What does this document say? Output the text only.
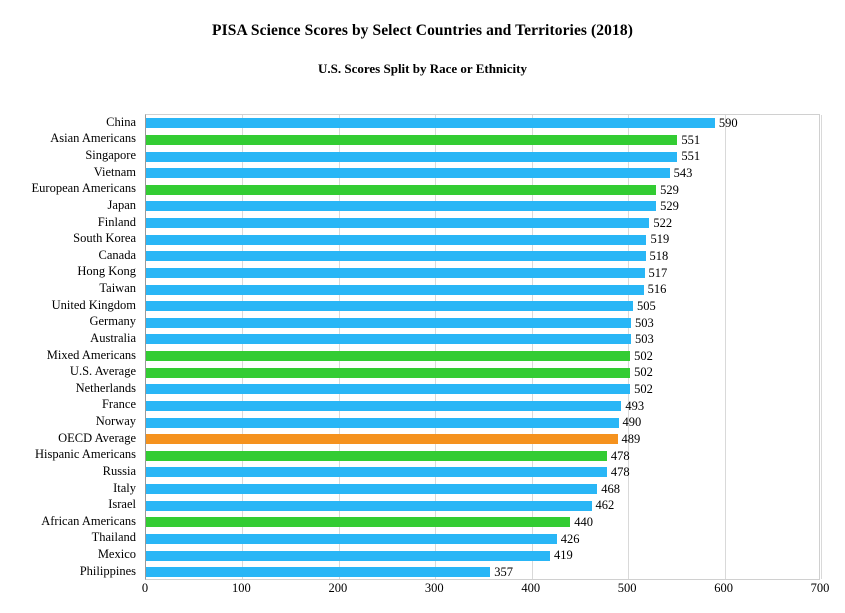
PISA Science Scores by Select Countries and Territories (2018)
U.S. Scores Split by Race or Ethnicity
China
Asian Americans
Singapore
Vietnam
European Americans
Japan
Finland
South Korea
Canada
Hong Kong
Taiwan
United Kingdom
Germany
Australia
Mixed Americans
U.S. Average
Netherlands
France
Norway
OECD Average
Hispanic Americans
Russia
Italy
Israel
African Americans
Thailand
Mexico
Philippines
590
551
551
543
529
529
522
519
518
517
516
505
503
503
502
502
502
493
490
489
478
478
468
462
440
426
419
357
0	100	200	300	400	500	600	700
